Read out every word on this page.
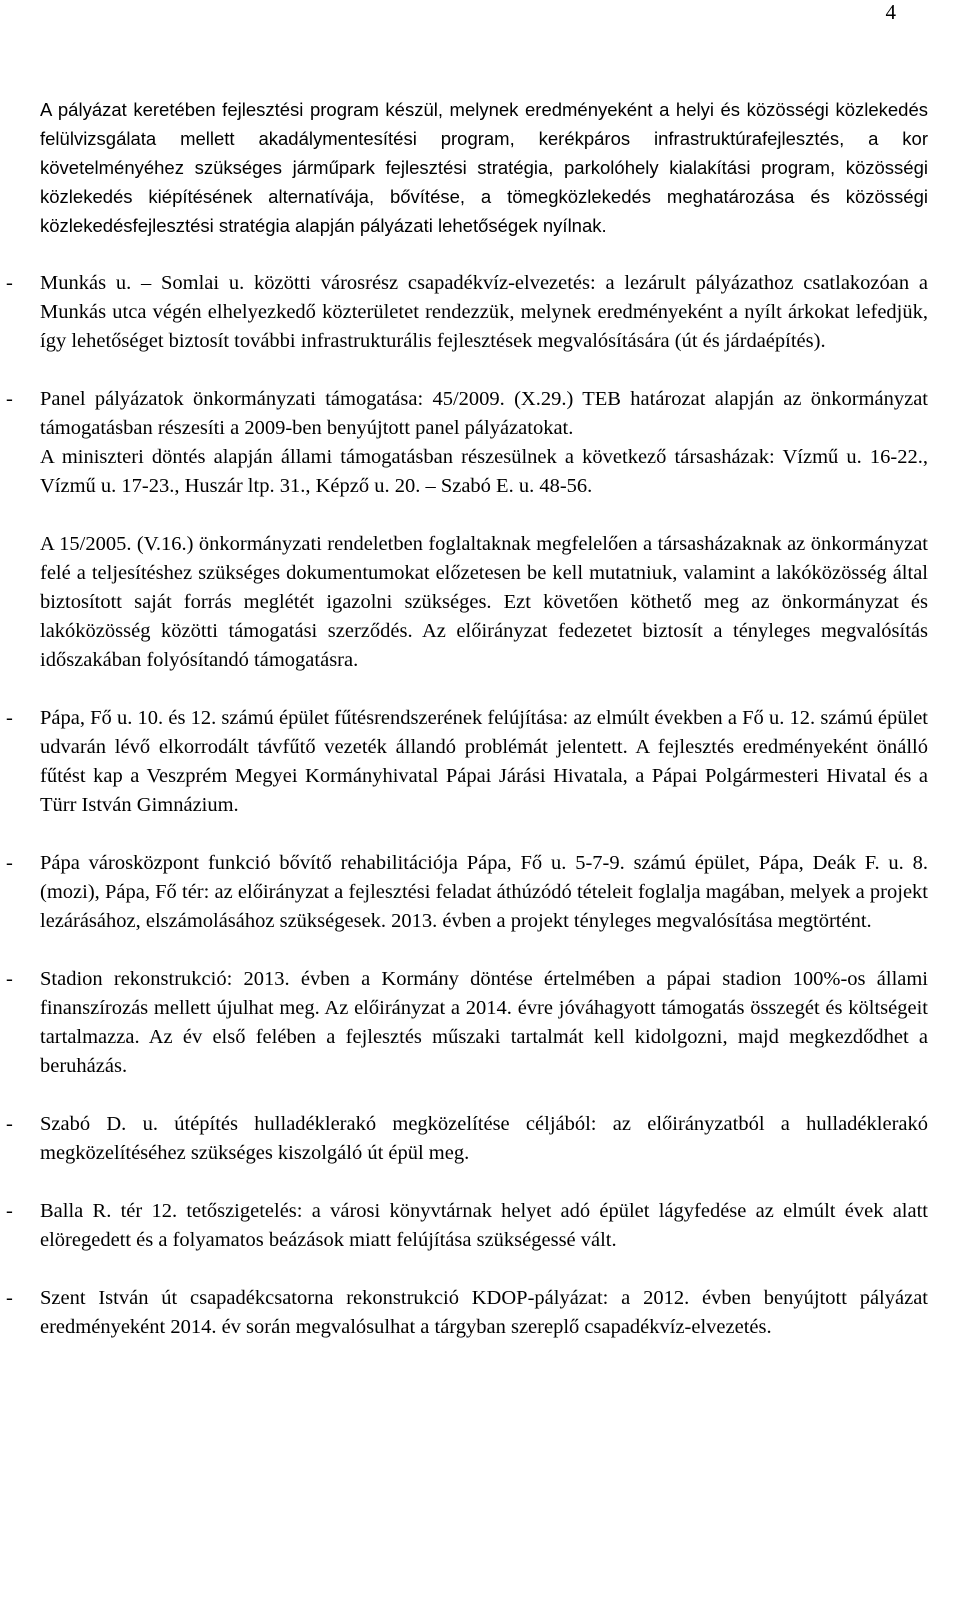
4

A pályázat keretében fejlesztési program készül, melynek eredményeként a helyi és közösségi közlekedés felülvizsgálata mellett akadálymentesítési program, kerékpáros infrastruktúrafejlesztés, a kor követelményéhez szükséges járműpark fejlesztési stratégia, parkolóhely kialakítási program, közösségi közlekedés kiépítésének alternatívája, bővítése, a tömegközlekedés meghatározása és közösségi közlekedésfejlesztési stratégia alapján pályázati lehetőségek nyílnak.

- Munkás u. – Somlai u. közötti városrész csapadékvíz-elvezetés: a lezárult pályázathoz csatlakozóan a Munkás utca végén elhelyezkedő közterületet rendezzük, melynek eredményeként a nyílt árkokat lefedjük, így lehetőséget biztosít további infrastrukturális fejlesztések megvalósítására (út és járdaépítés).

- Panel pályázatok önkormányzati támogatása: 45/2009. (X.29.) TEB határozat alapján az önkormányzat támogatásban részesíti a 2009-ben benyújtott panel pályázatokat.

A miniszteri döntés alapján állami támogatásban részesülnek a következő társasházak: Vízmű u. 16-22., Vízmű u. 17-23., Huszár ltp. 31., Képző u. 20. – Szabó E. u. 48-56.

A 15/2005. (V.16.) önkormányzati rendeletben foglaltaknak megfelelően a társasházaknak az önkormányzat felé a teljesítéshez szükséges dokumentumokat előzetesen be kell mutatniuk, valamint a lakóközösség által biztosított saját forrás meglétét igazolni szükséges. Ezt követően köthető meg az önkormányzat és lakóközösség közötti támogatási szerződés. Az előirányzat fedezetet biztosít a tényleges megvalósítás időszakában folyósítandó támogatásra.

- Pápa, Fő u. 10. és 12. számú épület fűtésrendszerének felújítása: az elmúlt években a Fő u. 12. számú épület udvarán lévő elkorrodált távfűtő vezeték állandó problémát jelentett. A fejlesztés eredményeként önálló fűtést kap a Veszprém Megyei Kormányhivatal Pápai Járási Hivatala, a Pápai Polgármesteri Hivatal és a Türr István Gimnázium.

- Pápa városközpont funkció bővítő rehabilitációja Pápa, Fő u. 5-7-9. számú épület, Pápa, Deák F. u. 8. (mozi), Pápa, Fő tér: az előirányzat a fejlesztési feladat áthúzódó tételeit foglalja magában, melyek a projekt lezárásához, elszámolásához szükségesek. 2013. évben a projekt tényleges megvalósítása megtörtént.

- Stadion rekonstrukció: 2013. évben a Kormány döntése értelmében a pápai stadion 100%-os állami finanszírozás mellett újulhat meg. Az előirányzat a 2014. évre jóváhagyott támogatás összegét és költségeit tartalmazza. Az év első felében a fejlesztés műszaki tartalmát kell kidolgozni, majd megkezdődhet a beruházás.

- Szabó D. u. útépítés hulladéklerakó megközelítése céljából: az előirányzatból a hulladéklerakó megközelítéséhez szükséges kiszolgáló út épül meg.

- Balla R. tér 12. tetőszigetelés: a városi könyvtárnak helyet adó épület lágyfedése az elmúlt évek alatt elöregedett és a folyamatos beázások miatt felújítása szükségessé vált.

- Szent István út csapadékcsatorna rekonstrukció KDOP-pályázat: a 2012. évben benyújtott pályázat eredményeként 2014. év során megvalósulhat a tárgyban szereplő csapadékvíz-elvezetés.
